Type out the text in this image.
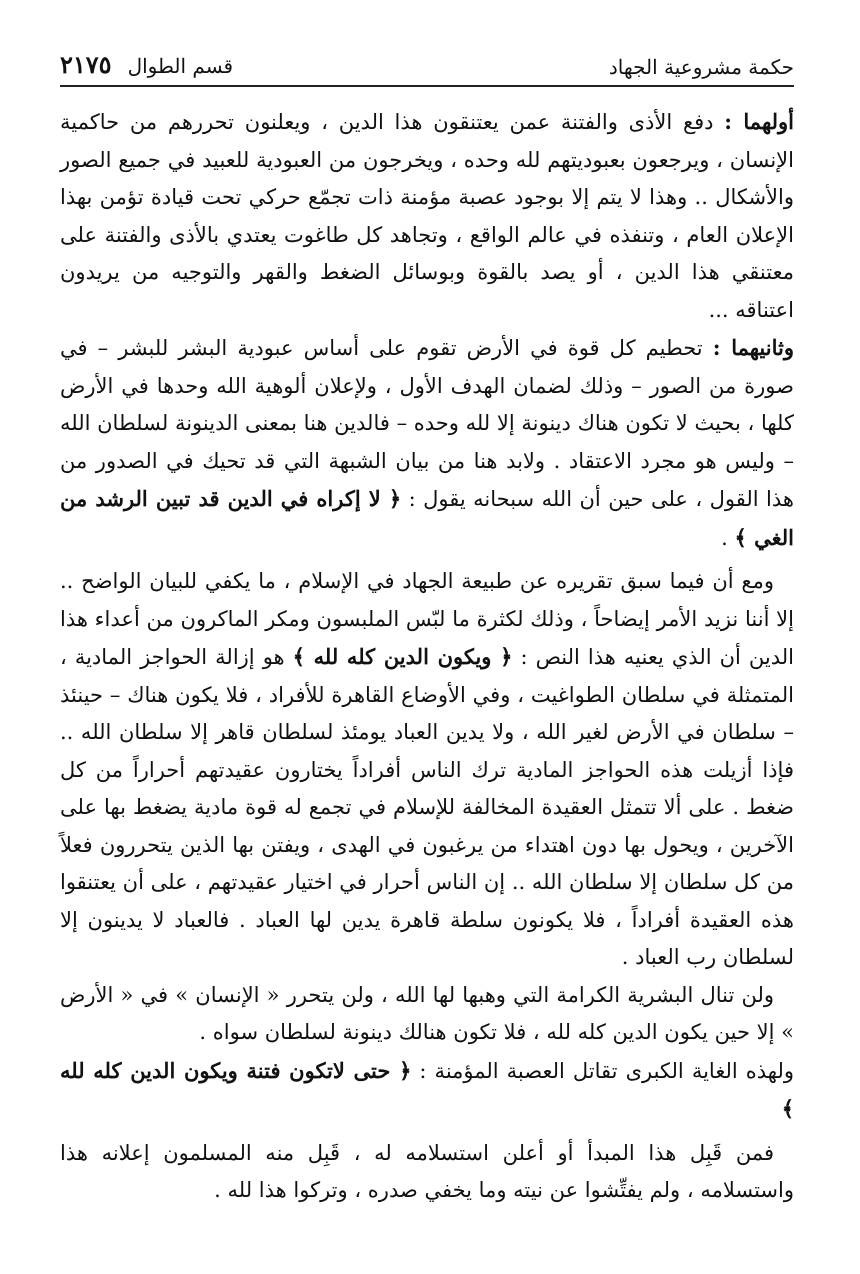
حكمة مشروعية الجهاد
قسم الطوال
٢١٧٥

أولهما : دفع الأذى والفتنة عمن يعتنقون هذا الدين ، ويعلنون تحررهم من حاكمية الإنسان ، ويرجعون بعبوديتهم لله وحده ، ويخرجون من العبودية للعبيد في جميع الصور والأشكال .. وهذا لا يتم إلا بوجود عصبة مؤمنة ذات تجمّع حركي تحت قيادة تؤمن بهذا الإعلان العام ، وتنفذه في عالم الواقع ، وتجاهد كل طاغوت يعتدي بالأذى والفتنة على معتنقي هذا الدين ، أو يصد بالقوة وبوسائل الضغط والقهر والتوجيه من يريدون اعتناقه ...

وثانيهما : تحطيم كل قوة في الأرض تقوم على أساس عبودية البشر للبشر – في صورة من الصور – وذلك لضمان الهدف الأول ، ولإعلان ألوهية الله وحدها في الأرض كلها ، بحيث لا تكون هناك دينونة إلا لله وحده – فالدين هنا بمعنى الدينونة لسلطان الله – وليس هو مجرد الاعتقاد . ولابد هنا من بيان الشبهة التي قد تحيك في الصدور من هذا القول ، على حين أن الله سبحانه يقول : ﴿ لا إكراه في الدين قد تبين الرشد من الغي ﴾ .

ومع أن فيما سبق تقريره عن طبيعة الجهاد في الإسلام ، ما يكفي للبيان الواضح .. إلا أننا نزيد الأمر إيضاحاً ، وذلك لكثرة ما لبّس الملبسون ومكر الماكرون من أعداء هذا الدين أن الذي يعنيه هذا النص : ﴿ ويكون الدين كله لله ﴾ هو إزالة الحواجز المادية ، المتمثلة في سلطان الطواغيت ، وفي الأوضاع القاهرة للأفراد ، فلا يكون هناك – حينئذ – سلطان في الأرض لغير الله ، ولا يدين العباد يومئذ لسلطان قاهر إلا سلطان الله .. فإذا أزيلت هذه الحواجز المادية ترك الناس أفراداً يختارون عقيدتهم أحراراً من كل ضغط . على ألا تتمثل العقيدة المخالفة للإسلام في تجمع له قوة مادية يضغط بها على الآخرين ، ويحول بها دون اهتداء من يرغبون في الهدى ، ويفتن بها الذين يتحررون فعلاً من كل سلطان إلا سلطان الله .. إن الناس أحرار في اختيار عقيدتهم ، على أن يعتنقوا هذه العقيدة أفراداً ، فلا يكونون سلطة قاهرة يدين لها العباد . فالعباد لا يدينون إلا لسلطان رب العباد .

ولن تنال البشرية الكرامة التي وهبها لها الله ، ولن يتحرر « الإنسان » في « الأرض » إلا حين يكون الدين كله لله ، فلا تكون هنالك دينونة لسلطان سواه .

ولهذه الغاية الكبرى تقاتل العصبة المؤمنة : ﴿ حتى لاتكون فتنة ويكون الدين كله لله ﴾

فمن قَبِل هذا المبدأ أو أعلن استسلامه له ، قَبِل منه المسلمون إعلانه هذا واستسلامه ، ولم يفتِّشوا عن نيته وما يخفي صدره ، وتركوا هذا لله .
